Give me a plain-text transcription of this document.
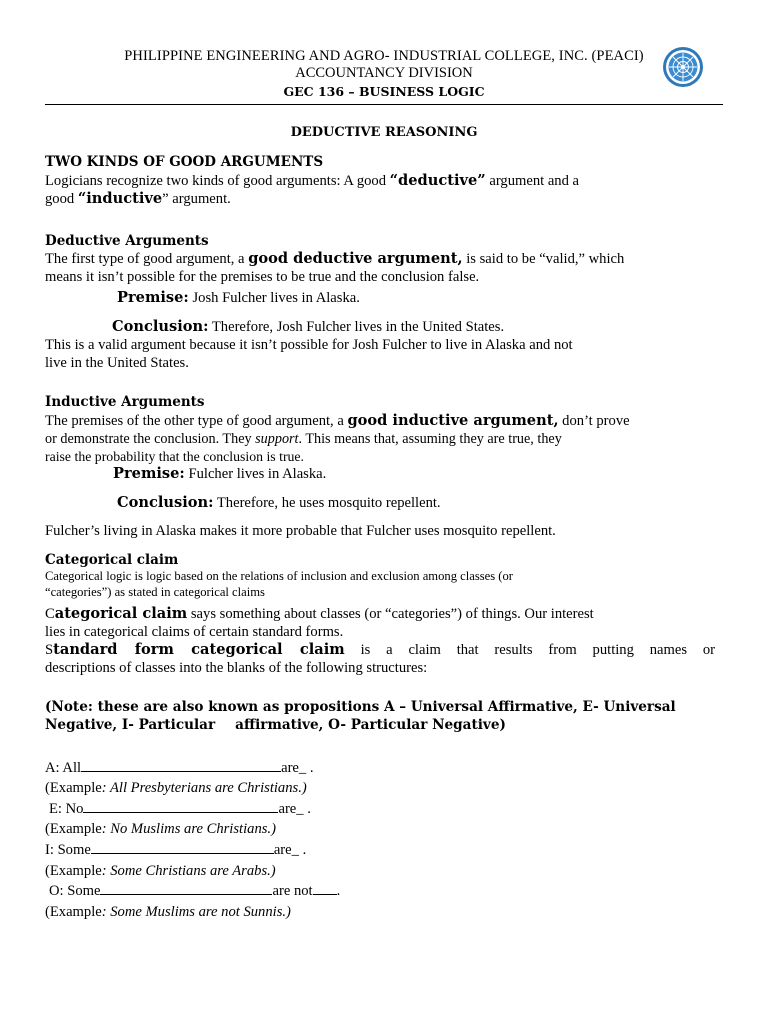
PHILIPPINE ENGINEERING AND AGRO- INDUSTRIAL COLLEGE, INC. (PEACI)
ACCOUNTANCY DIVISION
GEC 136 – BUSINESS LOGIC
DEDUCTIVE REASONING
TWO KINDS OF GOOD ARGUMENTS
Logicians recognize two kinds of good arguments: A good “deductive” argument and a
good “inductive” argument.
Deductive Arguments
The first type of good argument, a good deductive argument, is said to be “valid,” which
means it isn’t possible for the premises to be true and the conclusion false.
Premise: Josh Fulcher lives in Alaska.
Conclusion: Therefore, Josh Fulcher lives in the United States.
This is a valid argument because it isn’t possible for Josh Fulcher to live in Alaska and not
live in the United States.
Inductive Arguments
The premises of the other type of good argument, a good inductive argument, don’t prove
or demonstrate the conclusion. They support. This means that, assuming they are true, they
raise the probability that the conclusion is true.
Premise: Fulcher lives in Alaska.
Conclusion: Therefore, he uses mosquito repellent.
Fulcher’s living in Alaska makes it more probable that Fulcher uses mosquito repellent.
Categorical claim
Categorical logic is logic based on the relations of inclusion and exclusion among classes (or
“categories”) as stated in categorical claims
Categorical claim says something about classes (or “categories”) of things. Our interest
lies in categorical claims of certain standard forms.
Standard form categorical claim is a claim that results from putting names or
descriptions of classes into the blanks of the following structures:
(Note: these are also known as propositions A – Universal Affirmative, E- Universal
Negative, I- Particular affirmative, O- Particular Negative)
A: All	are_ .
(Example: All Presbyterians are Christians.)
E: No	are_ .
(Example: No Muslims are Christians.)
I: Some	are_ .
(Example: Some Christians are Arabs.)
O: Some	are not .
(Example: Some Muslims are not Sunnis.)
